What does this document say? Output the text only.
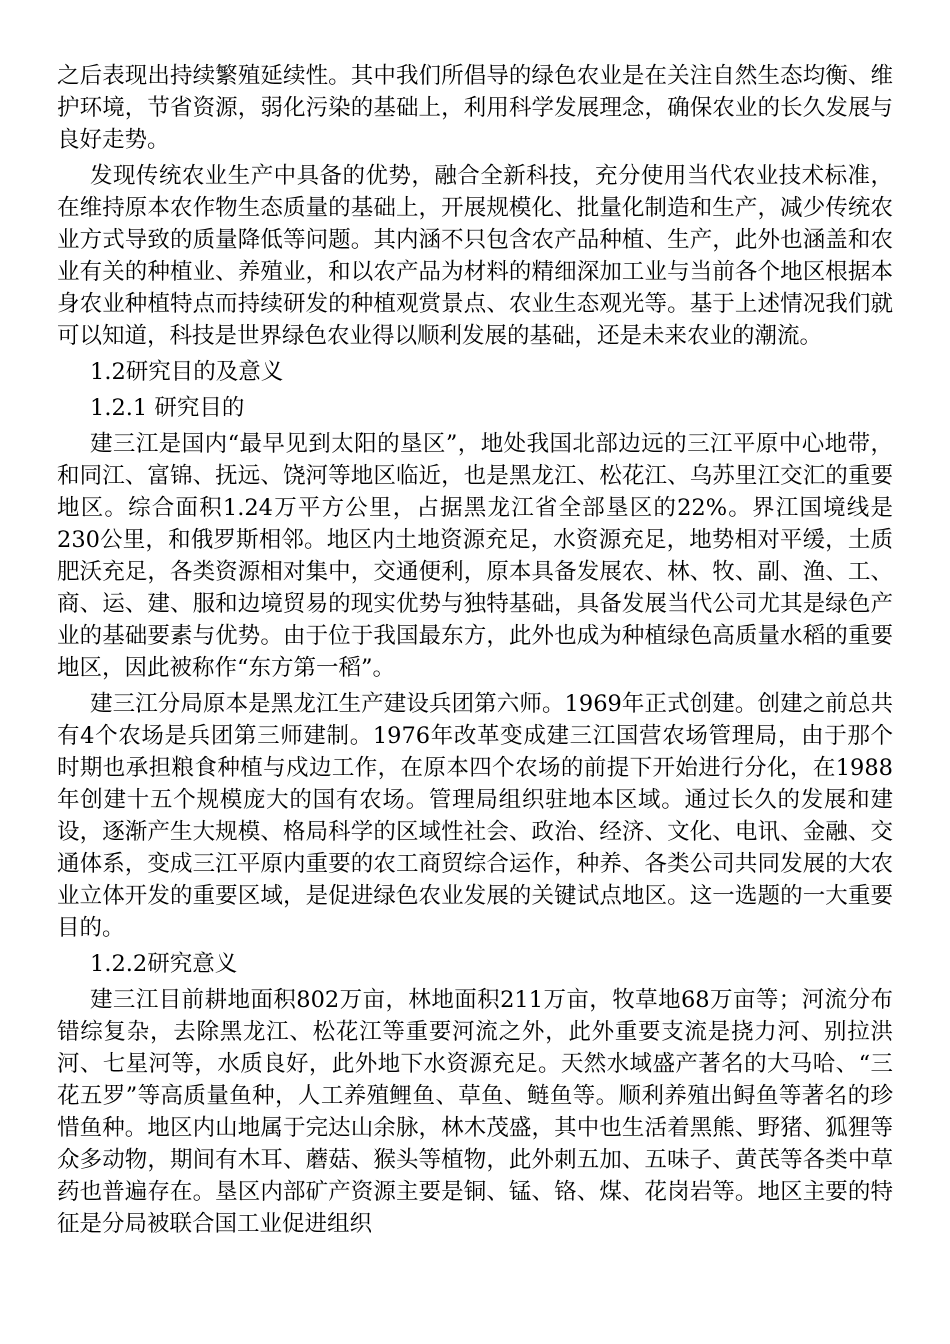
之后表现出持续繁殖延续性。其中我们所倡导的绿色农业是在关注自然生态均衡、维护环境，节省资源，弱化污染的基础上，利用科学发展理念，确保农业的长久发展与良好走势。

发现传统农业生产中具备的优势，融合全新科技，充分使用当代农业技术标准，在维持原本农作物生态质量的基础上，开展规模化、批量化制造和生产，减少传统农业方式导致的质量降低等问题。其内涵不只包含农产品种植、生产，此外也涵盖和农业有关的种植业、养殖业，和以农产品为材料的精细深加工业与当前各个地区根据本身农业种植特点而持续研发的种植观赏景点、农业生态观光等。基于上述情况我们就可以知道，科技是世界绿色农业得以顺利发展的基础，还是未来农业的潮流。

1.2研究目的及意义

1.2.1 研究目的

建三江是国内“最早见到太阳的垦区”，地处我国北部边远的三江平原中心地带，和同江、富锦、抚远、饶河等地区临近，也是黑龙江、松花江、乌苏里江交汇的重要地区。综合面积1.24万平方公里，占据黑龙江省全部垦区的22%。界江国境线是230公里，和俄罗斯相邻。地区内土地资源充足，水资源充足，地势相对平缓，土质肥沃充足，各类资源相对集中，交通便利，原本具备发展农、林、牧、副、渔、工、商、运、建、服和边境贸易的现实优势与独特基础，具备发展当代公司尤其是绿色产业的基础要素与优势。由于位于我国最东方，此外也成为种植绿色高质量水稻的重要地区，因此被称作“东方第一稻”。

建三江分局原本是黑龙江生产建设兵团第六师。1969年正式创建。创建之前总共有4个农场是兵团第三师建制。1976年改革变成建三江国营农场管理局，由于那个时期也承担粮食种植与戍边工作，在原本四个农场的前提下开始进行分化，在1988年创建十五个规模庞大的国有农场。管理局组织驻地本区域。通过长久的发展和建设，逐渐产生大规模、格局科学的区域性社会、政治、经济、文化、电讯、金融、交通体系，变成三江平原内重要的农工商贸综合运作，种养、各类公司共同发展的大农业立体开发的重要区域，是促进绿色农业发展的关键试点地区。这一选题的一大重要目的。

1.2.2研究意义

建三江目前耕地面积802万亩，林地面积211万亩，牧草地68万亩等；河流分布错综复杂，去除黑龙江、松花江等重要河流之外，此外重要支流是挠力河、别拉洪河、七星河等，水质良好，此外地下水资源充足。天然水域盛产著名的大马哈、“三花五罗”等高质量鱼种，人工养殖鲤鱼、草鱼、鲢鱼等。顺利养殖出鲟鱼等著名的珍惜鱼种。地区内山地属于完达山余脉，林木茂盛，其中也生活着黑熊、野猪、狐狸等众多动物，期间有木耳、蘑菇、猴头等植物，此外刺五加、五味子、黄芪等各类中草药也普遍存在。垦区内部矿产资源主要是铜、锰、铬、煤、花岗岩等。地区主要的特征是分局被联合国工业促进组织
